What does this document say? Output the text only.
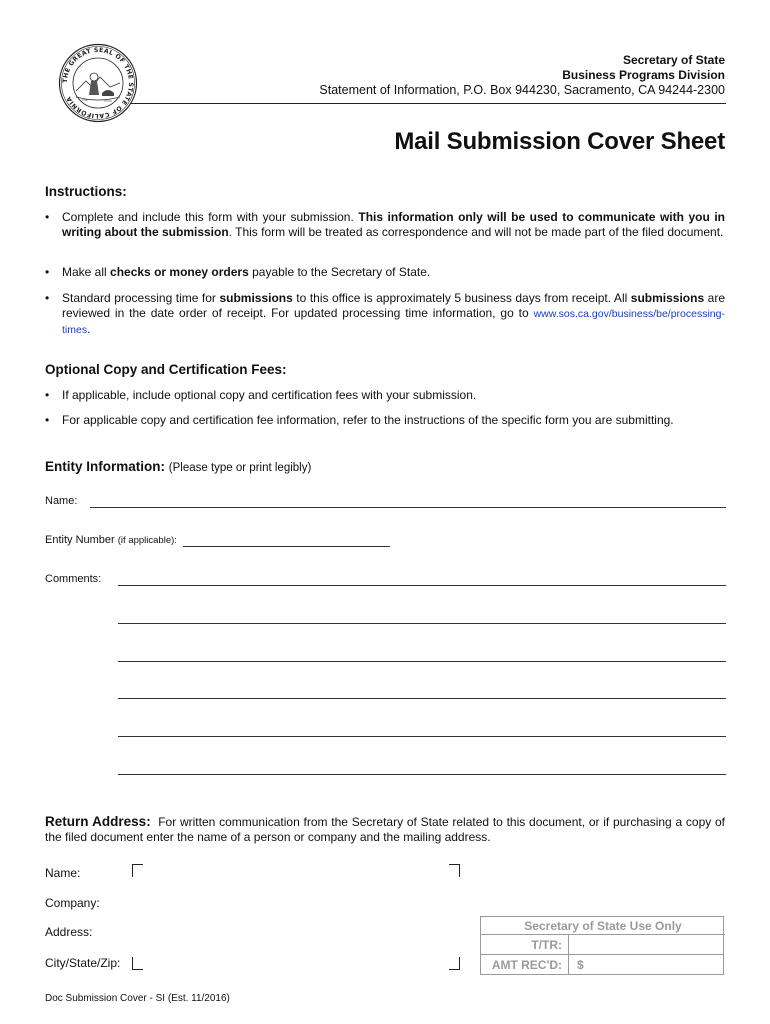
THE GREAT SEAL OF THE STATE OF CALIFORNIA
Secretary of State
Business Programs Division
Statement of Information, P.O. Box 944230, Sacramento, CA 94244-2300
Mail Submission Cover Sheet
Instructions:
•	Complete and include this form with your submission. This information only will be used to communicate with you in writing about the submission. This form will be treated as correspondence and will not be made part of the filed document.
•	Make all checks or money orders payable to the Secretary of State.
•	Standard processing time for submissions to this office is approximately 5 business days from receipt. All submissions are reviewed in the date order of receipt. For updated processing time information, go to www.sos.ca.gov/business/be/processing-times.
Optional Copy and Certification Fees:
•	If applicable, include optional copy and certification fees with your submission.
•	For applicable copy and certification fee information, refer to the instructions of the specific form you are submitting.
Entity Information: (Please type or print legibly)
Name:
Entity Number (if applicable):
Comments:
Return Address: For written communication from the Secretary of State related to this document, or if purchasing a copy of the filed document enter the name of a person or company and the mailing address.
Name:
Company:
Address:
City/State/Zip:
Secretary of State Use Only
T/TR:
AMT REC'D:	$
Doc Submission Cover - SI (Est. 11/2016)
